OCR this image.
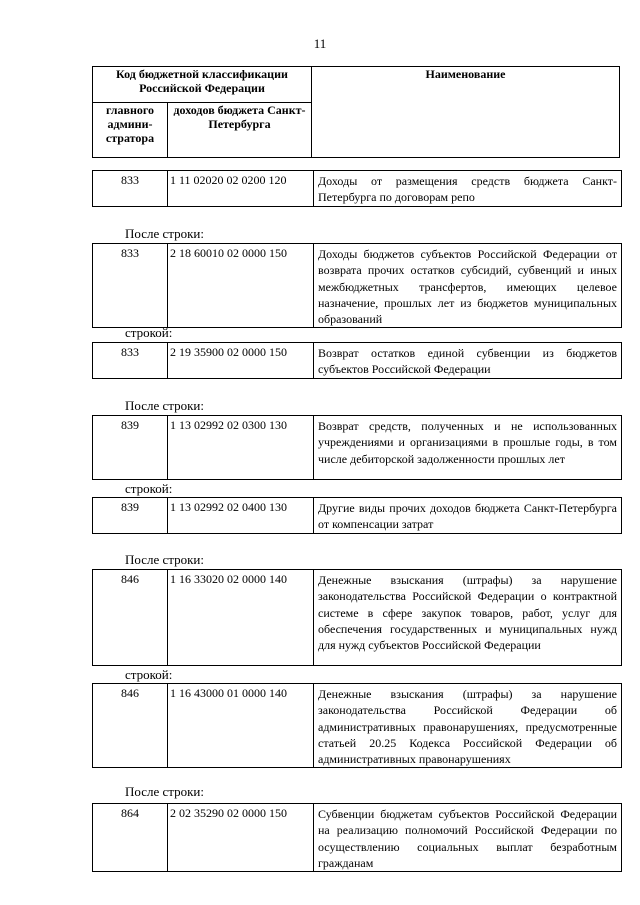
11
Код бюджетной классификации Российской Федерации		Наименование
главного админи-стратора	доходов бюджета Санкт-Петербурга	
833	1 11 02020 02 0200 120	Доходы от размещения средств бюджета Санкт-Петербурга по договорам репо
После строки:
833	2 18 60010 02 0000 150	Доходы бюджетов субъектов Российской Федерации от возврата прочих остатков субсидий, субвенций и иных межбюджетных трансфертов, имеющих целевое назначение, прошлых лет из бюджетов муниципальных образований
строкой:
833	2 19 35900 02 0000 150	Возврат остатков единой субвенции из бюджетов субъектов Российской Федерации
После строки:
839	1 13 02992 02 0300 130	Возврат средств, полученных и не использованных учреждениями и организациями в прошлые годы, в том числе дебиторской задолженности прошлых лет
строкой:
839	1 13 02992 02 0400 130	Другие виды прочих доходов бюджета Санкт-Петербурга от компенсации затрат
После строки:
846	1 16 33020 02 0000 140	Денежные взыскания (штрафы) за нарушение законодательства Российской Федерации о контрактной системе в сфере закупок товаров, работ, услуг для обеспечения государственных и муниципальных нужд для нужд субъектов Российской Федерации
строкой:
846	1 16 43000 01 0000 140	Денежные взыскания (штрафы) за нарушение законодательства Российской Федерации об административных правонарушениях, предусмотренные статьей 20.25 Кодекса Российской Федерации об административных правонарушениях
После строки:
864	2 02 35290 02 0000 150	Субвенции бюджетам субъектов Российской Федерации на реализацию полномочий Российской Федерации по осуществлению социальных выплат безработным гражданам
